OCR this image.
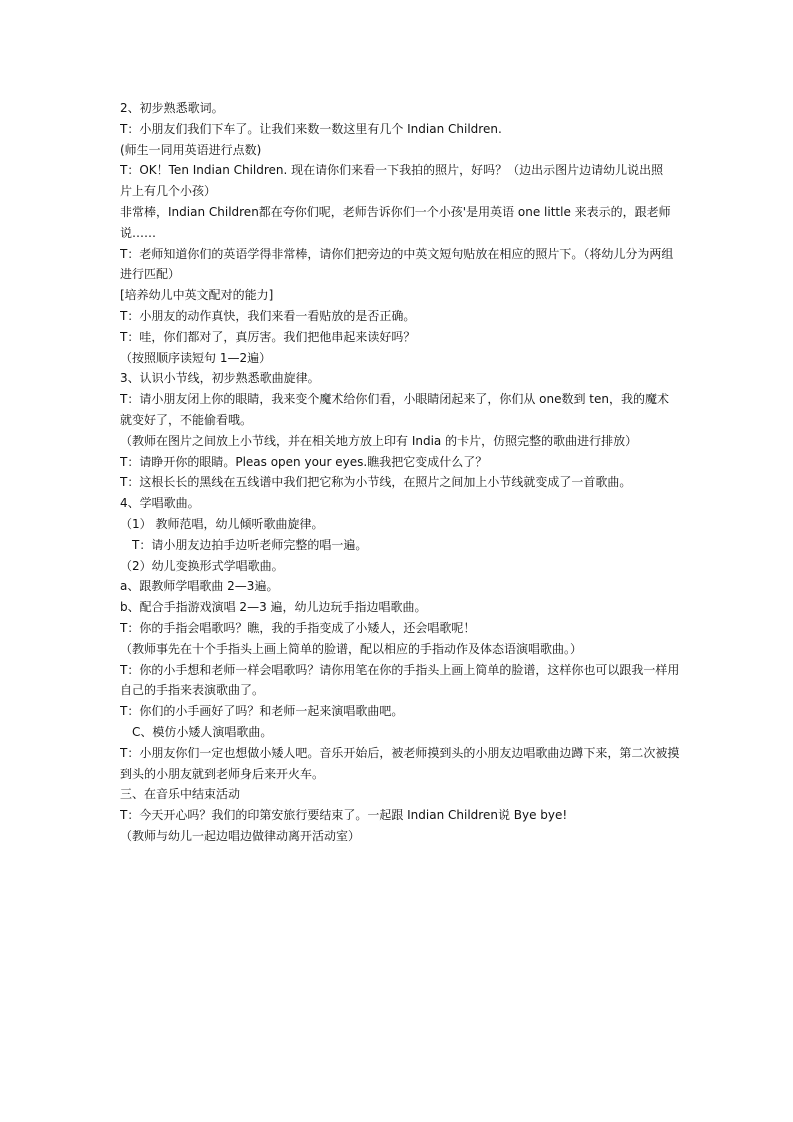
2、初步熟悉歌词。
T：小朋友们我们下车了。让我们来数一数这里有几个 Indian Children.
(师生一同用英语进行点数)
T：OK！Ten Indian Children. 现在请你们来看一下我拍的照片，好吗？（边出示图片边请幼儿说出照
片上有几个小孩）
非常棒，Indian Children都在夸你们呢，老师告诉你们一个小孩'是用英语 one little 来表示的，跟老师
说……
T：老师知道你们的英语学得非常棒，请你们把旁边的中英文短句贴放在相应的照片下。（将幼儿分为两组
进行匹配）
[培养幼儿中英文配对的能力]
T：小朋友的动作真快，我们来看一看贴放的是否正确。
T：哇，你们都对了，真厉害。我们把他串起来读好吗？
（按照顺序读短句 1—2遍）
3、认识小节线，初步熟悉歌曲旋律。
T：请小朋友闭上你的眼睛，我来变个魔术给你们看，小眼睛闭起来了，你们从 one数到 ten，我的魔术
就变好了，不能偷看哦。
（教师在图片之间放上小节线，并在相关地方放上印有 India 的卡片，仿照完整的歌曲进行排放）
T：请睁开你的眼睛。Pleas open your eyes.瞧我把它变成什么了？
T：这根长长的黑线在五线谱中我们把它称为小节线，在照片之间加上小节线就变成了一首歌曲。
4、学唱歌曲。
（1） 教师范唱，幼儿倾听歌曲旋律。
T：请小朋友边拍手边听老师完整的唱一遍。
（2）幼儿变换形式学唱歌曲。
a、跟教师学唱歌曲 2—3遍。
b、配合手指游戏演唱 2—3 遍，幼儿边玩手指边唱歌曲。
T：你的手指会唱歌吗？瞧，我的手指变成了小矮人，还会唱歌呢！
（教师事先在十个手指头上画上简单的脸谱，配以相应的手指动作及体态语演唱歌曲。）
T：你的小手想和老师一样会唱歌吗？请你用笔在你的手指头上画上简单的脸谱，这样你也可以跟我一样用
自己的手指来表演歌曲了。
T：你们的小手画好了吗？和老师一起来演唱歌曲吧。
C、模仿小矮人演唱歌曲。
T：小朋友你们一定也想做小矮人吧。音乐开始后，被老师摸到头的小朋友边唱歌曲边蹲下来，第二次被摸
到头的小朋友就到老师身后来开火车。
三、在音乐中结束活动
T：今天开心吗？我们的印第安旅行要结束了。一起跟 Indian Children说 Bye bye!
（教师与幼儿一起边唱边做律动离开活动室）
